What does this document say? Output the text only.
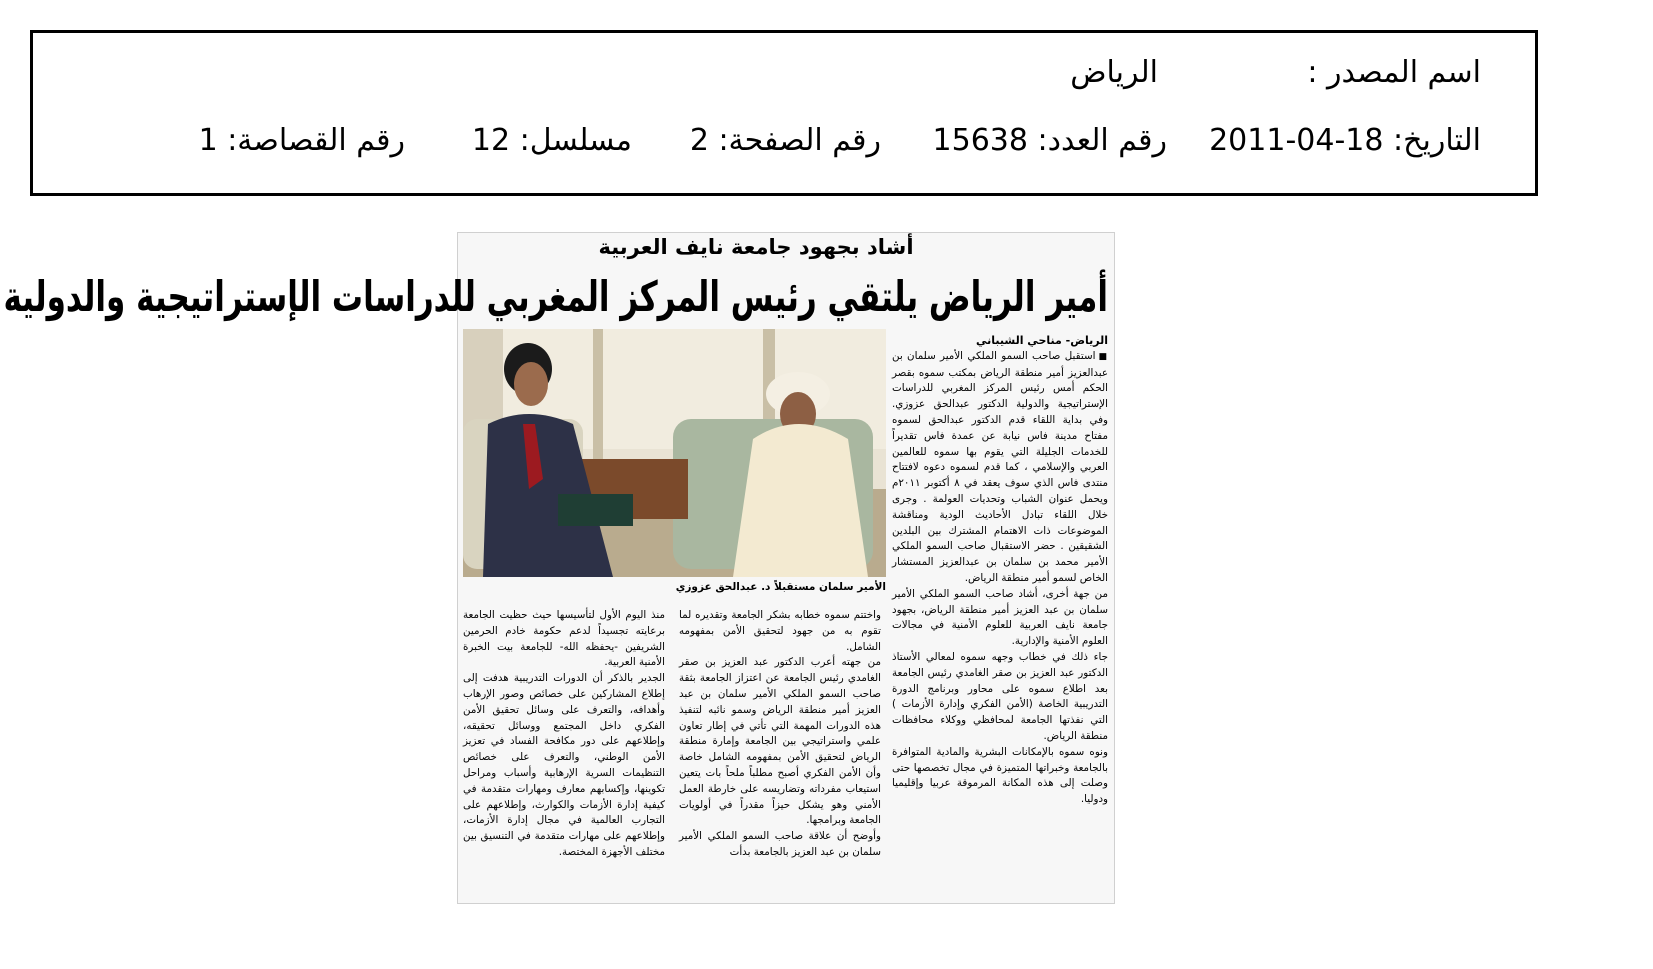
اسم المصدر :
الرياض
التاريخ: 18-04-2011
رقم العدد: 15638
رقم الصفحة: 2
مسلسل: 12
رقم القصاصة: 1
أشاد بجهود جامعة نايف العربية
أمير الرياض يلتقي رئيس المركز المغربي للدراسات الإستراتيجية والدولية
الأمير سلمان مستقبلاً د. عبدالحق عزوزي

الرياض- مناحي الشيباني

■استقبل صاحب السمو الملكي الأمير سلمان بن عبدالعزيز أمير منطقة الرياض بمكتب سموه بقصر الحكم أمس رئيس المركز المغربي للدراسات الإستراتيجية والدولية الدكتور عبدالحق عزوزي. وفي بداية اللقاء قدم الدكتور عبدالحق لسموه مفتاح مدينة فاس نيابة عن عمدة فاس تقديراً للخدمات الجليلة التي يقوم بها سموه للعالمين العربي والإسلامي ، كما قدم لسموه دعوه لافتتاح منتدى فاس الذي سوف يعقد في ٨ أكتوبر ٢٠١١م ويحمل عنوان الشباب وتحديات العولمة . وجرى خلال اللقاء تبادل الأحاديث الودية ومناقشة الموضوعات ذات الاهتمام المشترك بين البلدين الشقيقين . حضر الاستقبال صاحب السمو الملكي الأمير محمد بن سلمان بن عبدالعزيز المستشار الخاص لسمو أمير منطقة الرياض.

من جهة أخرى، أشاد صاحب السمو الملكي الأمير سلمان بن عبد العزيز أمير منطقة الرياض، بجهود جامعة نايف العربية للعلوم الأمنية في مجالات العلوم الأمنية والإدارية.

جاء ذلك في خطاب وجهه سموه لمعالي الأستاذ الدكتور عبد العزيز بن صقر الغامدي رئيس الجامعة بعد اطلاع سموه على محاور وبرنامج الدورة التدريبية الخاصة (الأمن الفكري وإدارة الأزمات ) التي نفذتها الجامعة لمحافظي ووكلاء محافظات منطقة الرياض.

ونوه سموه بالإمكانات البشرية والمادية المتوافرة بالجامعة وخبراتها المتميزة في مجال تخصصها حتى وصلت إلى هذه المكانة المرموقة عربيا وإقليميا ودوليا.

واختتم سموه خطابه بشكر الجامعة وتقديره لما تقوم به من جهود لتحقيق الأمن بمفهومه الشامل.

من جهته أعرب الدكتور عبد العزيز بن صقر الغامدي رئيس الجامعة عن اعتزاز الجامعة بثقة صاحب السمو الملكي الأمير سلمان بن عبد العزيز أمير منطقة الرياض وسمو نائبه لتنفيذ هذه الدورات المهمة التي تأتي في إطار تعاون علمي واستراتيجي بين الجامعة وإمارة منطقة الرياض لتحقيق الأمن بمفهومه الشامل خاصة وأن الأمن الفكري أصبح مطلباً ملحاً بات يتعين استيعاب مفرداته وتضاريسه على خارطة العمل الأمني وهو يشكل حيزاً مقدراً في أولويات الجامعة وبرامجها.

وأوضح أن علاقة صاحب السمو الملكي الأمير سلمان بن عبد العزيز بالجامعة بدأت

منذ اليوم الأول لتأسيسها حيث حظيت الجامعة برعايته تجسيداً لدعم حكومة خادم الحرمين الشريفين -يحفظه الله- للجامعة بيت الخبرة الأمنية العربية.

الجدير بالذكر أن الدورات التدريبية هدفت إلى إطلاع المشاركين على خصائص وصور الإرهاب وأهدافه، والتعرف على وسائل تحقيق الأمن الفكري داخل المجتمع ووسائل تحقيقه، وإطلاعهم على دور مكافحة الفساد في تعزيز الأمن الوطني، والتعرف على خصائص التنظيمات السرية الإرهابية وأسباب ومراحل تكوينها، وإكسابهم معارف ومهارات متقدمة في كيفية إدارة الأزمات والكوارث، وإطلاعهم على التجارب العالمية في مجال إدارة الأزمات، وإطلاعهم على مهارات متقدمة في التنسيق بين مختلف الأجهزة المختصة.
